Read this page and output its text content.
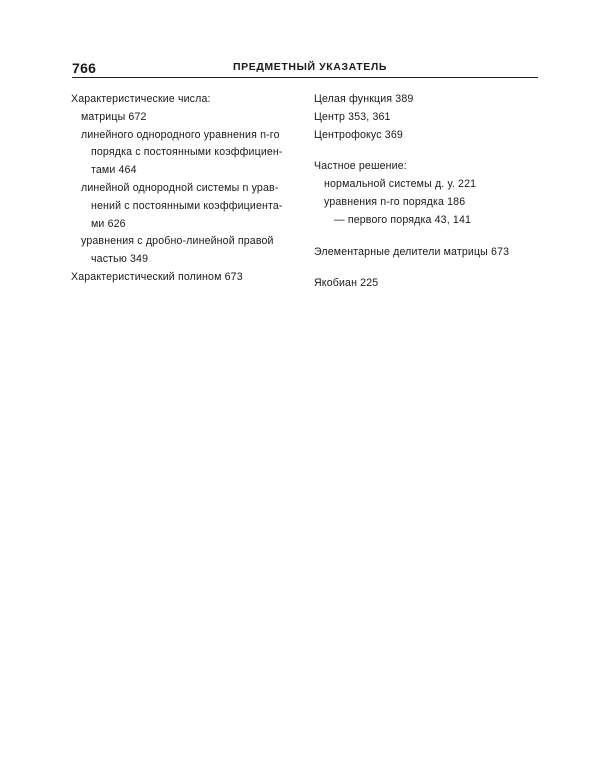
766	ПРЕДМЕТНЫЙ УКАЗАТЕЛЬ
Характеристические числа:
матрицы 672
линейного однородного уравнения n-го
порядка с постоянными коэффициен-
тами 464
линейной однородной системы n урав-
нений с постоянными коэффициента-
ми 626
уравнения с дробно-линейной правой
частью 349
Характеристический полином 673
Целая функция 389
Центр 353, 361
Центрофокус 369
Частное решение:
нормальной системы д. у. 221
уравнения n-го порядка 186
— первого порядка 43, 141
Элементарные делители матрицы 673
Якобиан 225
